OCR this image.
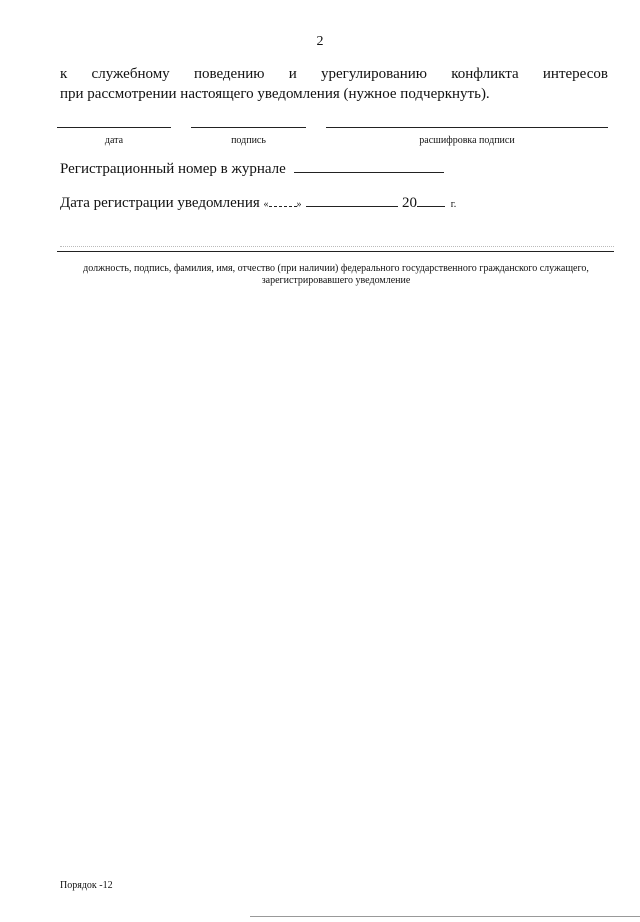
2
к служебному поведению и урегулированию конфликта интересов
при рассмотрении настоящего уведомления (нужное подчеркнуть).
дата	подпись	расшифровка подписи
Регистрационный номер в журнале
Дата регистрации уведомления «	»	20	г.
должность, подпись, фамилия, имя, отчество (при наличии) федерального государственного гражданского служащего,
зарегистрировавшего уведомление
Порядок -12
